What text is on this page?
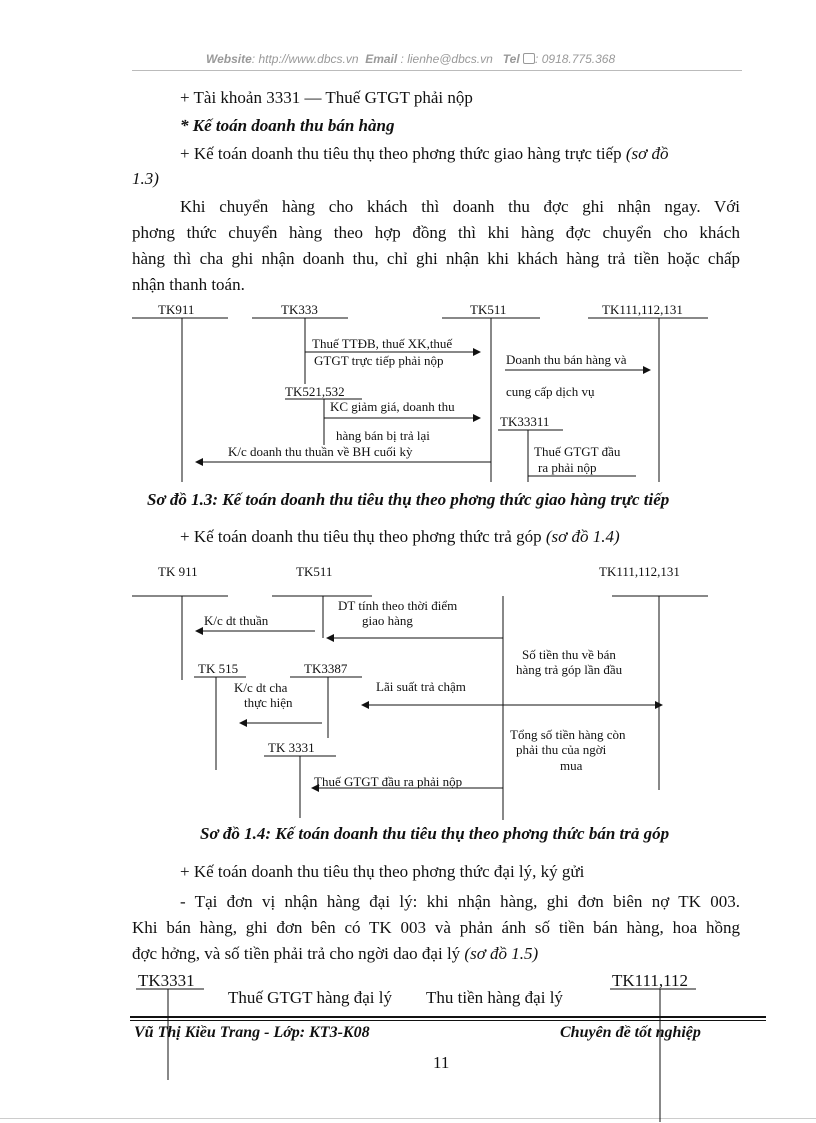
Website: http://www.dbcs.vn Email : lienhe@dbcs.vn Tel : 0918.775.368
+ Tài khoản 3331 — Thuế GTGT phải nộp
* Kế toán doanh thu bán hàng
+ Kế toán doanh thu tiêu thụ theo phơng thức giao hàng trực tiếp (sơ đồ
1.3)
Khi chuyển hàng cho khách thì doanh thu đợc ghi nhận ngay. Với
phơng thức chuyển hàng theo hợp đồng thì khi hàng đợc chuyển cho khách
hàng thì cha ghi nhận doanh thu, chỉ ghi nhận khi khách hàng trả tiền hoặc chấp
nhận thanh toán.
TK911	TK333	TK511	TK111,112,131
TK521,532
TK33311
Thuế TTĐB, thuế XK,thuế
GTGT trực tiếp phải nộp	Doanh thu bán hàng và
cung cấp dịch vụ
KC giảm giá, doanh thu
hàng bán bị trả lại
K/c doanh thu thuần về BH cuối kỳ	Thuế GTGT đầu
ra phải nộp
Sơ đồ 1.3: Kế toán doanh thu tiêu thụ theo phơng thức giao hàng trực tiếp
+ Kế toán doanh thu tiêu thụ theo phơng thức trả góp (sơ đồ 1.4)
TK 911	TK511	TK111,112,131
TK 515	TK3387
TK 3331
DT tính theo thời điểm
giao hàng
K/c dt thuần
Số tiền thu về bán
hàng trả góp lần đầu
K/c dt cha
thực hiện
Lãi suất trả chậm
Tổng số tiền hàng còn
phải thu của ngời
mua
Thuế GTGT đầu ra phải nộp
Sơ đồ 1.4: Kế toán doanh thu tiêu thụ theo phơng thức bán trả góp
+ Kế toán doanh thu tiêu thụ theo phơng thức đại lý, ký gửi
- Tại đơn vị nhận hàng đại lý: khi nhận hàng, ghi đơn biên nợ TK 003.
Khi bán hàng, ghi đơn bên có TK 003 và phản ánh số tiền bán hàng, hoa hồng
đợc hởng, và số tiền phải trả cho ngời dao đại lý (sơ đồ 1.5)
TK3331	TK111,112
Thuế GTGT hàng đại lý Thu tiền hàng đại lý
Vũ Thị Kiều Trang - Lớp: KT3-K08	Chuyên đề tốt nghiệp
11
